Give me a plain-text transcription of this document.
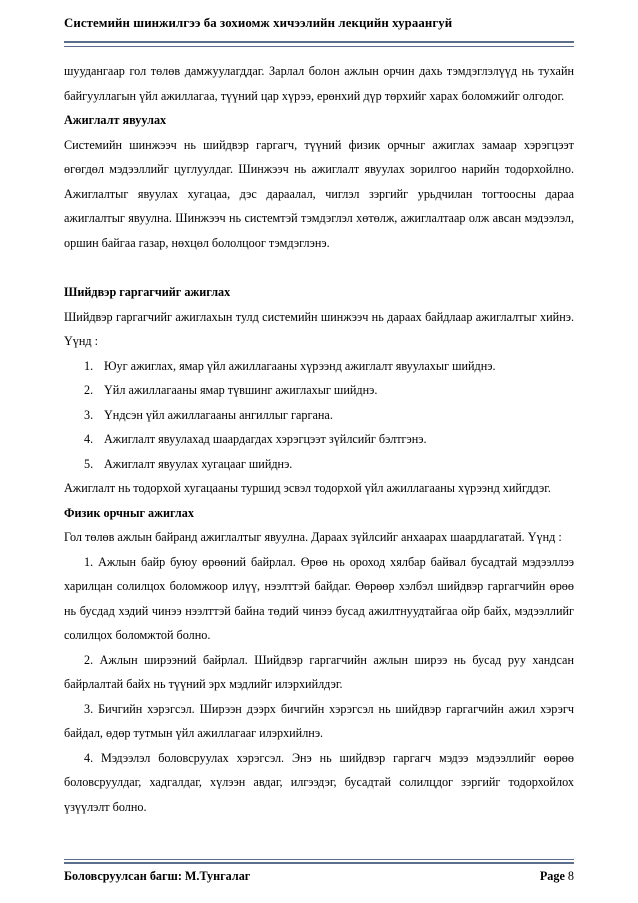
Системийн шинжилгээ ба зохиомж хичээлийн лекцийн хураангуй

шуудангаар гол төлөв дамжуулагддаг. Зарлал болон ажлын орчин дахь тэмдэглэлүүд нь тухайн байгууллагын үйл ажиллагаа, түүний цар хүрээ, ерөнхий дүр төрхийг харах боломжийг олгодог.

Ажиглалт явуулах

Системийн шинжээч нь шийдвэр гаргагч, түүний физик орчныг ажиглах замаар хэрэгцээт өгөгдөл мэдээллийг цуглуулдаг. Шинжээч нь ажиглалт явуулах зорилгоо нарийн тодорхойлно. Ажиглалтыг явуулах хугацаа, дэс дараалал, чиглэл зэргийг урьдчилан тогтоосны дараа ажиглалтыг явуулна. Шинжээч нь системтэй тэмдэглэл хөтөлж, ажиглалтаар олж авсан мэдээлэл, оршин байгаа газар, нөхцөл бололцоог тэмдэглэнэ.

Шийдвэр гаргагчийг ажиглах

Шийдвэр гаргагчийг ажиглахын тулд системийн шинжээч нь дараах байдлаар ажиглалтыг хийнэ. Үүнд :

1. Юуг ажиглах, ямар үйл ажиллагааны хүрээнд ажиглалт явуулахыг шийднэ.
2. Үйл ажиллагааны ямар түвшинг ажиглахыг шийднэ.
3. Үндсэн үйл ажиллагааны ангиллыг гаргана.
4. Ажиглалт явуулахад шаардагдах хэрэгцээт зүйлсийг бэлтгэнэ.
5. Ажиглалт явуулах хугацааг шийднэ.

Ажиглалт нь тодорхой хугацааны туршид эсвэл тодорхой үйл ажиллагааны хүрээнд хийгддэг.

Физик орчныг ажиглах

Гол төлөв ажлын байранд ажиглалтыг явуулна. Дараах зүйлсийг анхаарах шаардлагатай. Үүнд :

1. Ажлын байр буюу өрөөний байрлал. Өрөө нь ороход хялбар байвал бусадтай мэдээллээ харилцан солилцох боломжоор илүү, нээлттэй байдаг. Өөрөөр хэлбэл шийдвэр гаргагчийн өрөө нь бусдад хэдий чинээ нээлттэй байна төдий чинээ бусад ажилтнуудтайгаа ойр байх, мэдээллийг солилцох боломжтой болно.

2. Ажлын ширээний байрлал. Шийдвэр гаргагчийн ажлын ширээ нь бусад руу хандсан байрлалтай байх нь түүний эрх мэдлийг илэрхийлдэг.

3. Бичгийн хэрэгсэл. Ширээн дээрх бичгийн хэрэгсэл нь шийдвэр гаргагчийн ажил хэрэгч байдал, өдөр тутмын үйл ажиллагааг илэрхийлнэ.

4. Мэдээлэл боловсруулах хэрэгсэл. Энэ нь шийдвэр гаргагч мэдээ мэдээллийг өөрөө боловсруулдаг, хадгалдаг, хүлээн авдаг, илгээдэг, бусадтай солилцдог зэргийг тодорхойлох үзүүлэлт болно.

Боловсруулсан багш: М.Тунгалаг	Page 8
